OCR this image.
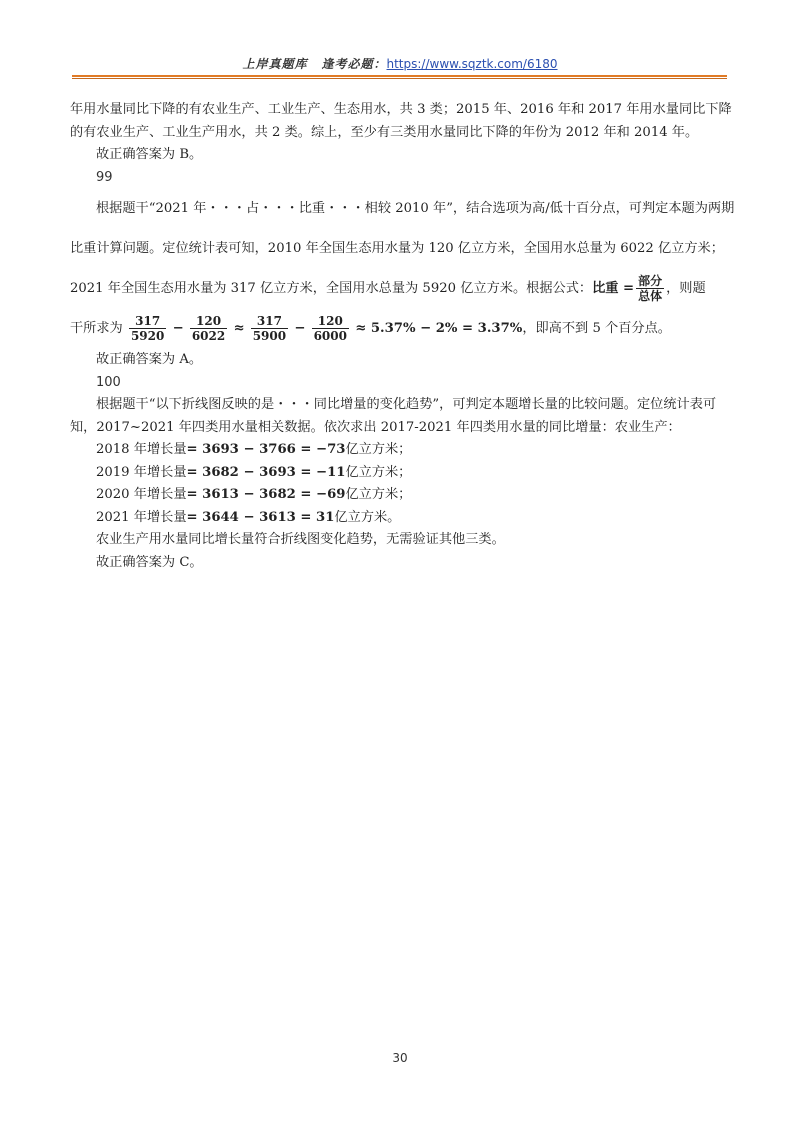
上岸真题库 逢考必题：https://www.sqztk.com/6180

年用水量同比下降的有农业生产、工业生产、生态用水，共 3 类；2015 年、2016 年和 2017 年用水量同比下降的有农业生产、工业生产用水，共 2 类。综上，至少有三类用水量同比下降的年份为 2012 年和 2014 年。

故正确答案为 B。

99

根据题干“2021 年・・・占・・・比重・・・相较 2010 年”，结合选项为高/低十百分点，可判定本题为两期比重计算问题。定位统计表可知，2010 年全国生态用水量为 120 亿立方米，全国用水总量为 6022 亿立方米；2021 年全国生态用水量为 317 亿立方米，全国用水总量为 5920 亿立方米。根据公式：比重 = $\frac{\text{部分}}{\text{总体}}$ ，则题

干所求为 $\frac{317}{5920} - \frac{120}{6022} \approx \frac{317}{5900} - \frac{120}{6000} \approx 5.37\% - 2\% = 3.37\%$，即高不到 5 个百分点。

故正确答案为 A。

100

根据题干“以下折线图反映的是・・・同比增量的变化趋势”，可判定本题增长量的比较问题。定位统计表可知，2017~2021 年四类用水量相关数据。依次求出 2017-2021 年四类用水量的同比增量：农业生产：

2018 年增长量= 3693 − 3766 = −73亿立方米；

2019 年增长量= 3682 − 3693 = −11亿立方米；

2020 年增长量= 3613 − 3682 = −69亿立方米；

2021 年增长量= 3644 − 3613 = 31亿立方米。

农业生产用水量同比增长量符合折线图变化趋势，无需验证其他三类。

故正确答案为 C。

30
